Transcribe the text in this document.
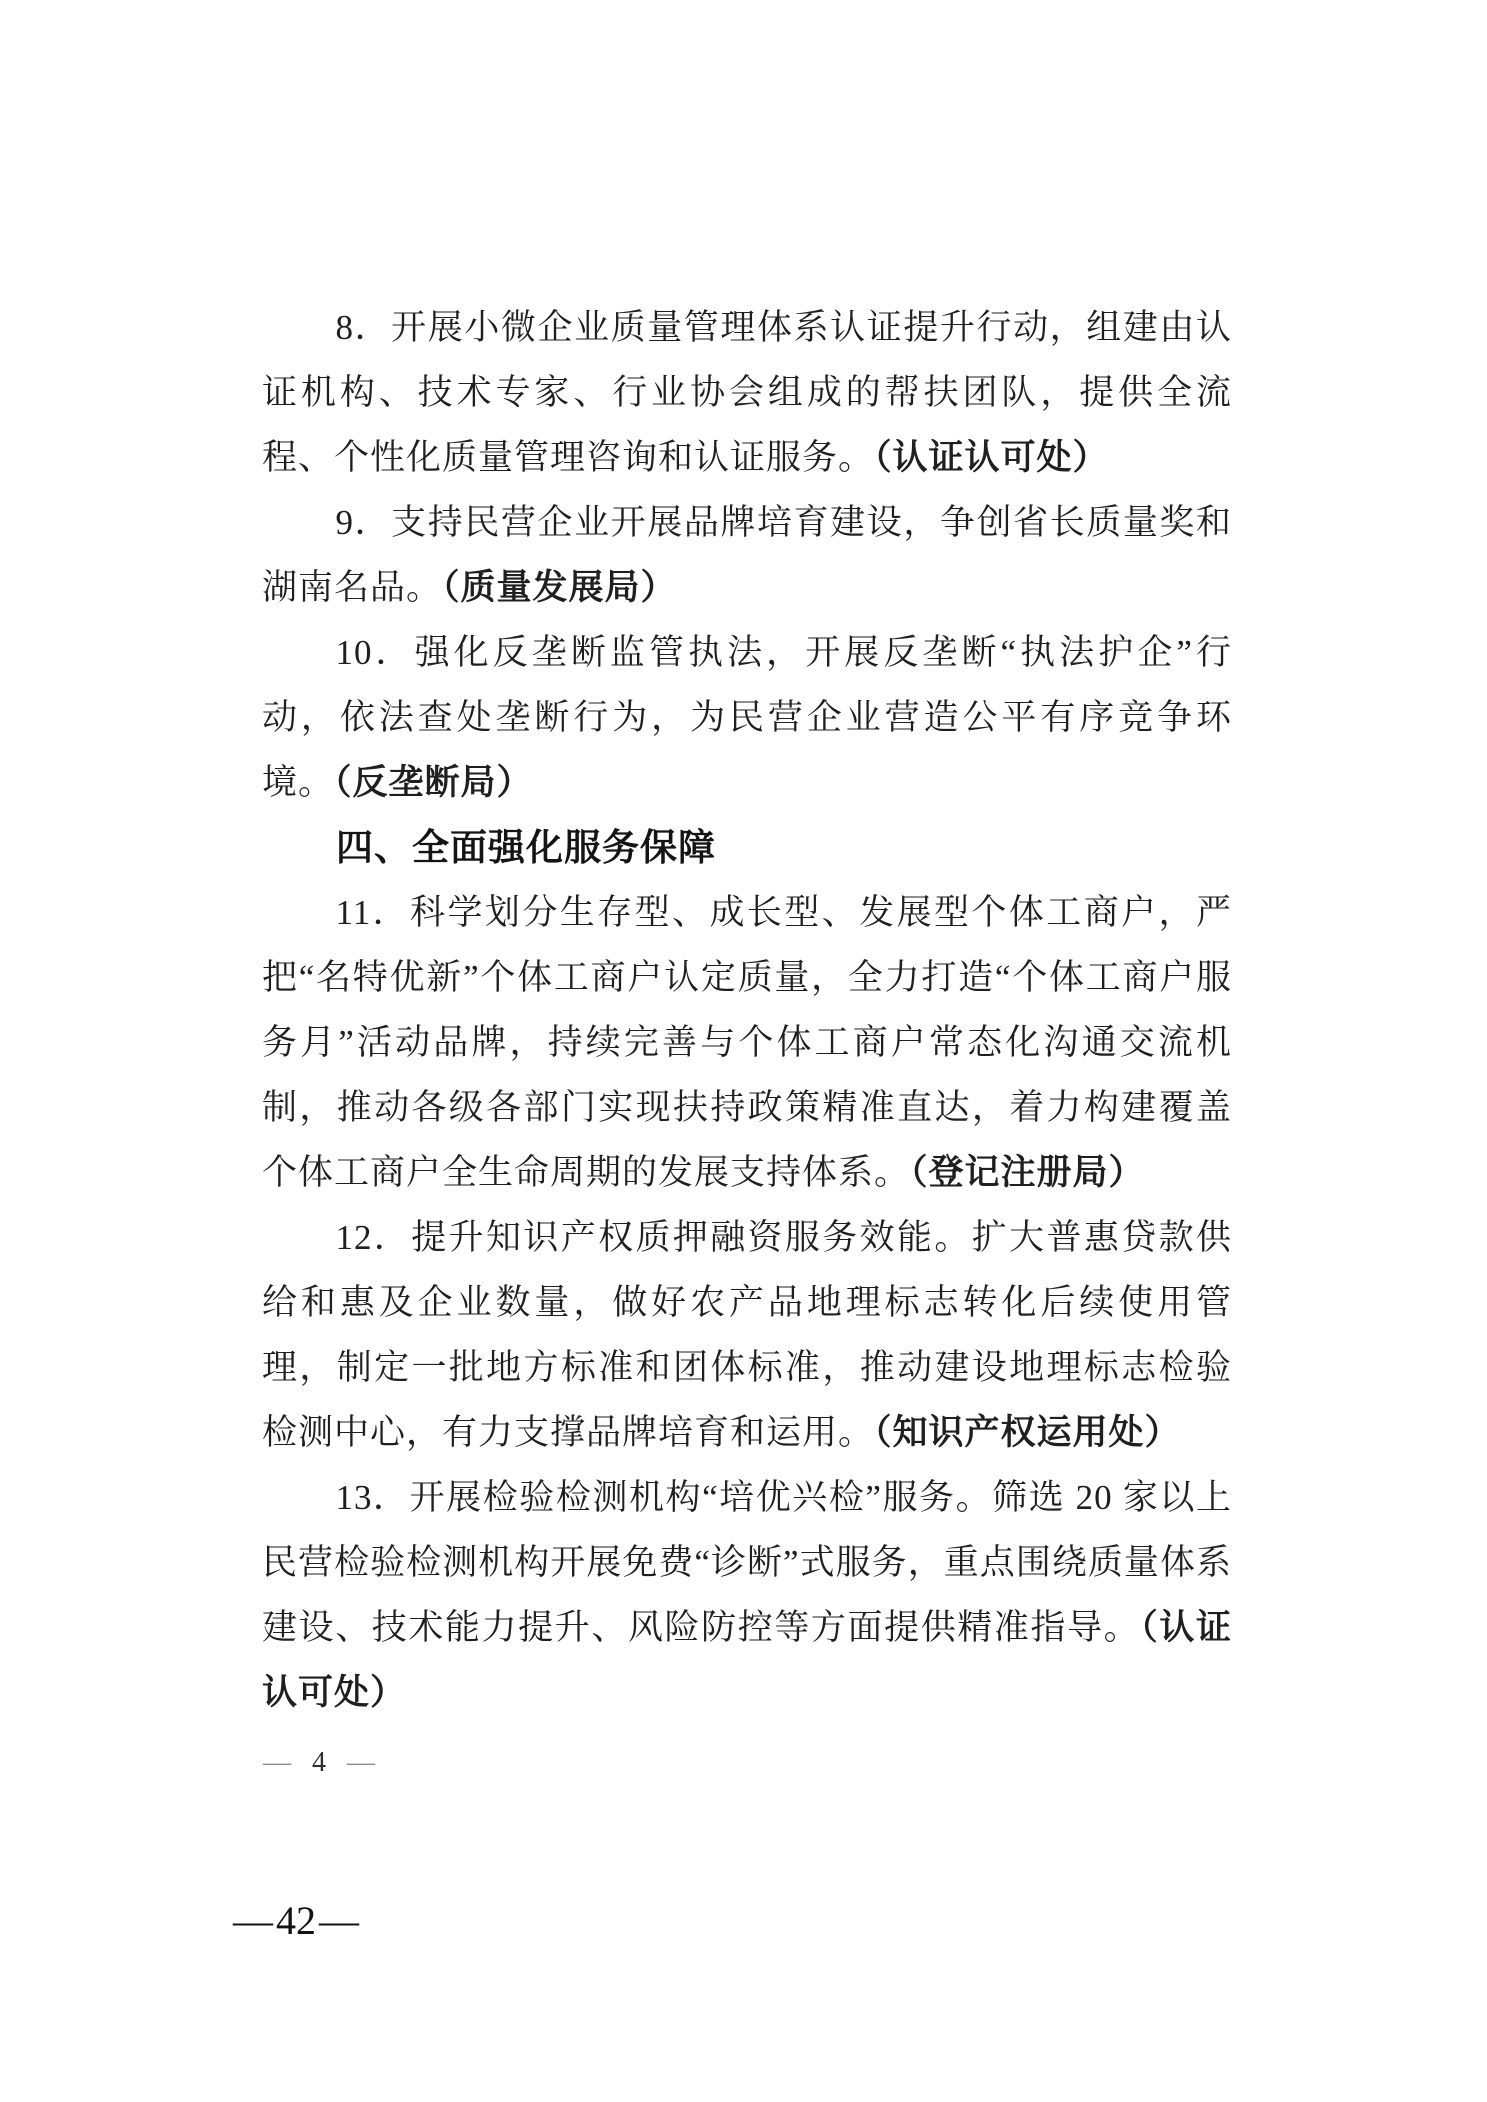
8．开展小微企业质量管理体系认证提升行动，组建由认证机构、技术专家、行业协会组成的帮扶团队，提供全流程、个性化质量管理咨询和认证服务。（认证认可处）

9．支持民营企业开展品牌培育建设，争创省长质量奖和湖南名品。（质量发展局）

10．强化反垄断监管执法，开展反垄断“执法护企”行动，依法查处垄断行为，为民营企业营造公平有序竞争环境。（反垄断局）

四、全面强化服务保障

11．科学划分生存型、成长型、发展型个体工商户，严把“名特优新”个体工商户认定质量，全力打造“个体工商户服务月”活动品牌，持续完善与个体工商户常态化沟通交流机制，推动各级各部门实现扶持政策精准直达，着力构建覆盖个体工商户全生命周期的发展支持体系。（登记注册局）

12．提升知识产权质押融资服务效能。扩大普惠贷款供给和惠及企业数量，做好农产品地理标志转化后续使用管理，制定一批地方标准和团体标准，推动建设地理标志检验检测中心，有力支撑品牌培育和运用。（知识产权运用处）

13．开展检验检测机构“培优兴检”服务。筛选 20 家以上民营检验检测机构开展免费“诊断”式服务，重点围绕质量体系建设、技术能力提升、风险防控等方面提供精准指导。（认证认可处）

— 4 —
— 42 —
